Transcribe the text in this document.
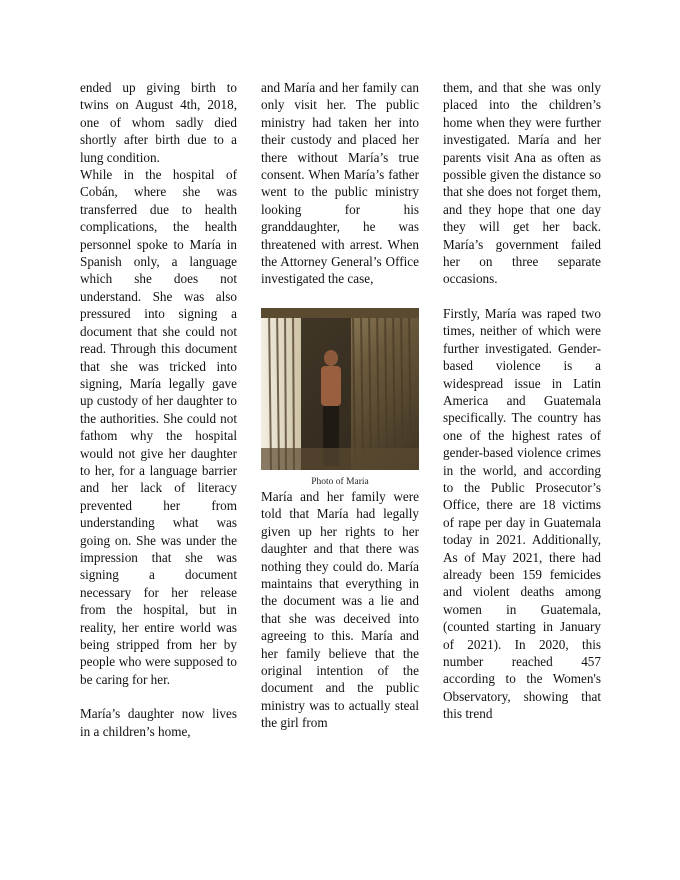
ended up giving birth to twins on August 4th, 2018, one of whom sadly died shortly after birth due to a lung condition.

While in the hospital of Cobán, where she was transferred due to health complications, the health personnel spoke to María in Spanish only, a language which she does not understand. She was also pressured into signing a document that she could not read. Through this document that she was tricked into signing, María legally gave up custody of her daughter to the authorities. She could not fathom why the hospital would not give her daughter to her, for a language barrier and her lack of literacy prevented her from understanding what was going on. She was under the impression that she was signing a document necessary for her release from the hospital, but in reality, her entire world was being stripped from her by people who were supposed to be caring for her.

María’s daughter now lives in a children’s home,

and María and her family can only visit her. The public ministry had taken her into their custody and placed her there without María’s true consent. When María’s father went to the public ministry looking for his granddaughter, he was threatened with arrest. When the Attorney General’s Office investigated the case,

Photo of Maria

María and her family were told that María had legally given up her rights to her daughter and that there was nothing they could do. María maintains that everything in the document was a lie and that she was deceived into agreeing to this. María and her family believe that the original intention of the document and the public ministry was to actually steal the girl from

them, and that she was only placed into the children’s home when they were further investigated. María and her parents visit Ana as often as possible given the distance so that she does not forget them, and they hope that one day they will get her back. María’s government failed her on three separate occasions.

Firstly, María was raped two times, neither of which were further investigated. Gender-based violence is a widespread issue in Latin America and Guatemala specifically. The country has one of the highest rates of gender-based violence crimes in the world, and according to the Public Prosecutor’s Office, there are 18 victims of rape per day in Guatemala today in 2021. Additionally, As of May 2021, there had already been 159 femicides and violent deaths among women in Guatemala, (counted starting in January of 2021). In 2020, this number reached 457 according to the Women's Observatory, showing that this trend
